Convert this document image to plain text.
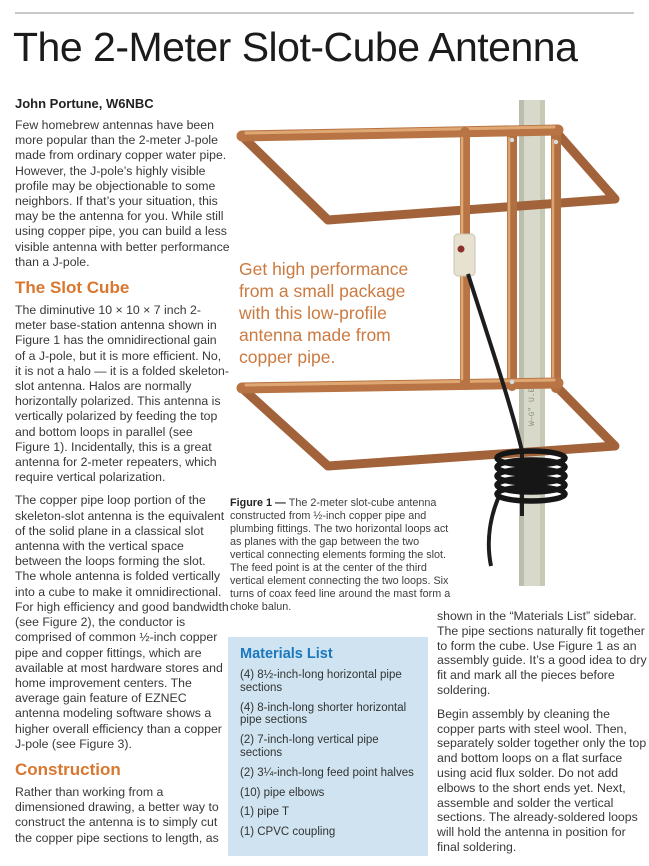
The 2-Meter Slot-Cube Antenna
W—G" U.E
Get high performance from a small package with this low-profile antenna made from copper pipe.
Figure 1 — The 2-meter slot-cube antenna constructed from ½-inch copper pipe and plumbing fittings. The two horizontal loops act as planes with the gap between the two vertical connecting elements forming the slot. The feed point is at the center of the third vertical element connecting the two loops. Six turns of coax feed line around the mast form a choke balun.

John Portune, W6NBC

Few homebrew antennas have been more popular than the 2-meter J-pole made from ordinary copper water pipe. However, the J-pole’s highly visible profile may be objectionable to some neighbors. If that’s your situation, this may be the antenna for you. While still using copper pipe, you can build a less visible antenna with better performance than a J-pole.

The Slot Cube

The diminutive 10 × 10 × 7 inch 2-meter base-station antenna shown in Figure 1 has the omnidirectional gain of a J-pole, but it is more efficient. No, it is not a halo — it is a folded skeleton-slot antenna. Halos are normally horizontally polarized. This antenna is vertically polarized by feeding the top and bottom loops in parallel (see Figure 1). Incidentally, this is a great antenna for 2-meter repeaters, which require vertical polarization.

The copper pipe loop portion of the skeleton-slot antenna is the equivalent of the solid plane in a classical slot antenna with the vertical space between the loops forming the slot. The whole antenna is folded vertically into a cube to make it omnidirectional. For high efficiency and good bandwidth (see Figure 2), the conductor is comprised of common ½-inch copper pipe and copper fittings, which are available at most hardware stores and home improvement centers. The average gain feature of EZNEC antenna modeling software shows a higher overall efficiency than a copper J-pole (see Figure 3).

Construction

Rather than working from a dimensioned drawing, a better way to construct the antenna is to simply cut the copper pipe sections to length, as

Materials List

(4) 8½-inch-long horizontal pipe sections

(4) 8-inch-long shorter horizontal pipe sections

(2) 7-inch-long vertical pipe sections

(2) 3¼-inch-long feed point halves

(10) pipe elbows

(1) pipe T

(1) CPVC coupling

shown in the “Materials List” sidebar. The pipe sections naturally fit together to form the cube. Use Figure 1 as an assembly guide. It’s a good idea to dry fit and mark all the pieces before soldering.

Begin assembly by cleaning the copper parts with steel wool. Then, separately solder together only the top and bottom loops on a flat surface using acid flux solder. Do not add elbows to the short ends yet. Next, assemble and solder the vertical sections. The already-soldered loops will hold the antenna in position for final soldering.
